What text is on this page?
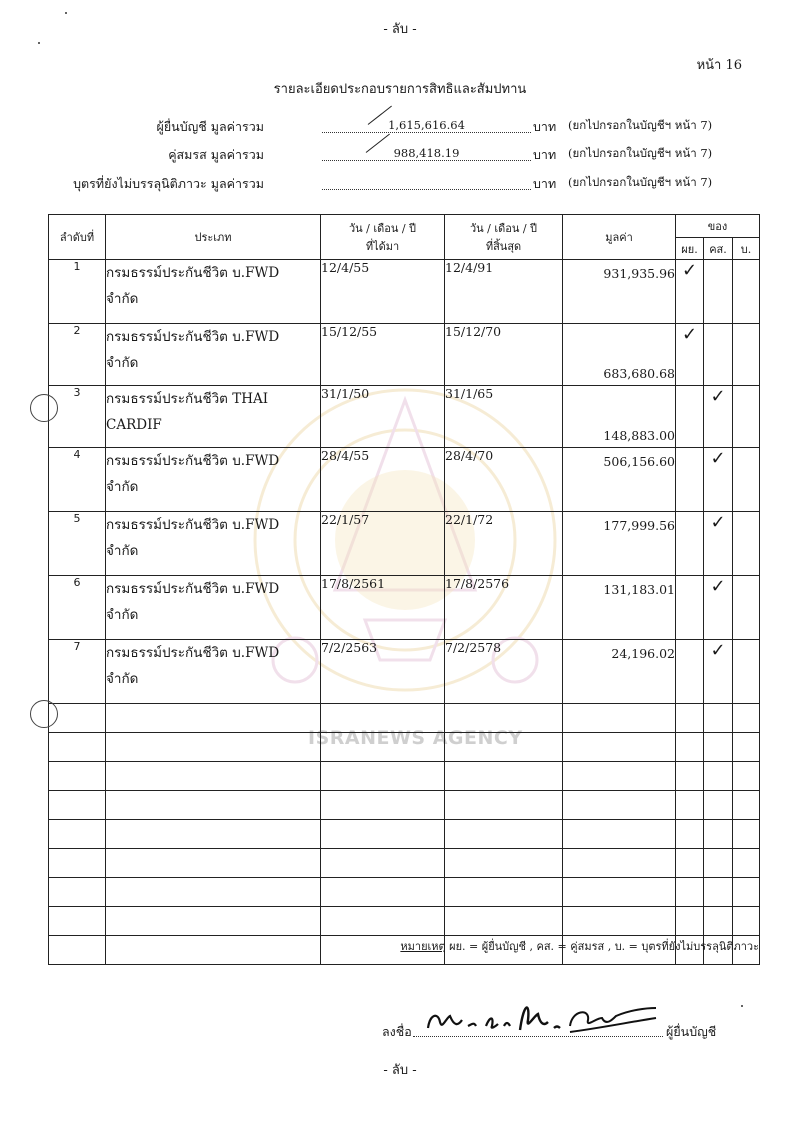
- ลับ -
หน้า 16
รายละเอียดประกอบรายการสิทธิและสัมปทาน
ผู้ยื่นบัญชี มูลค่ารวม	1,615,616.64	บาท (ยกไปกรอกในบัญชีฯ หน้า 7)
คู่สมรส มูลค่ารวม	988,418.19	บาท (ยกไปกรอกในบัญชีฯ หน้า 7)
บุตรที่ยังไม่บรรลุนิติภาวะ มูลค่ารวม	บาท (ยกไปกรอกในบัญชีฯ หน้า 7)
ISRANEWS AGENCY
ลำดับที่	ประเภท	วัน / เดือน / ปี
ที่ได้มา	วัน / เดือน / ปี
ที่สิ้นสุด	มูลค่า	ของ		
					ผย.	คส.	บ.
1	กรมธรรม์ประกันชีวิต บ.FWD
จำกัด	12/4/55	12/4/91	931,935.96	✓		
2	กรมธรรม์ประกันชีวิต บ.FWD
จำกัด	15/12/55	15/12/70	683,680.68	✓		
3	กรมธรรม์ประกันชีวิต THAI
CARDIF	31/1/50	31/1/65	148,883.00		✓	
4	กรมธรรม์ประกันชีวิต บ.FWD
จำกัด	28/4/55	28/4/70	506,156.60		✓	
5	กรมธรรม์ประกันชีวิต บ.FWD
จำกัด	22/1/57	22/1/72	177,999.56		✓	
6	กรมธรรม์ประกันชีวิต บ.FWD
จำกัด	17/8/2561	17/8/2576	131,183.01		✓	
7	กรมธรรม์ประกันชีวิต บ.FWD
จำกัด	7/2/2563	7/2/2578	24,196.02		✓	

หมายเหตุ ผย. = ผู้ยื่นบัญชี , คส. = คู่สมรส , บ. = บุตรที่ยังไม่บรรลุนิติภาวะ
ลงชื่อ	ผู้ยื่นบัญชี
- ลับ -
